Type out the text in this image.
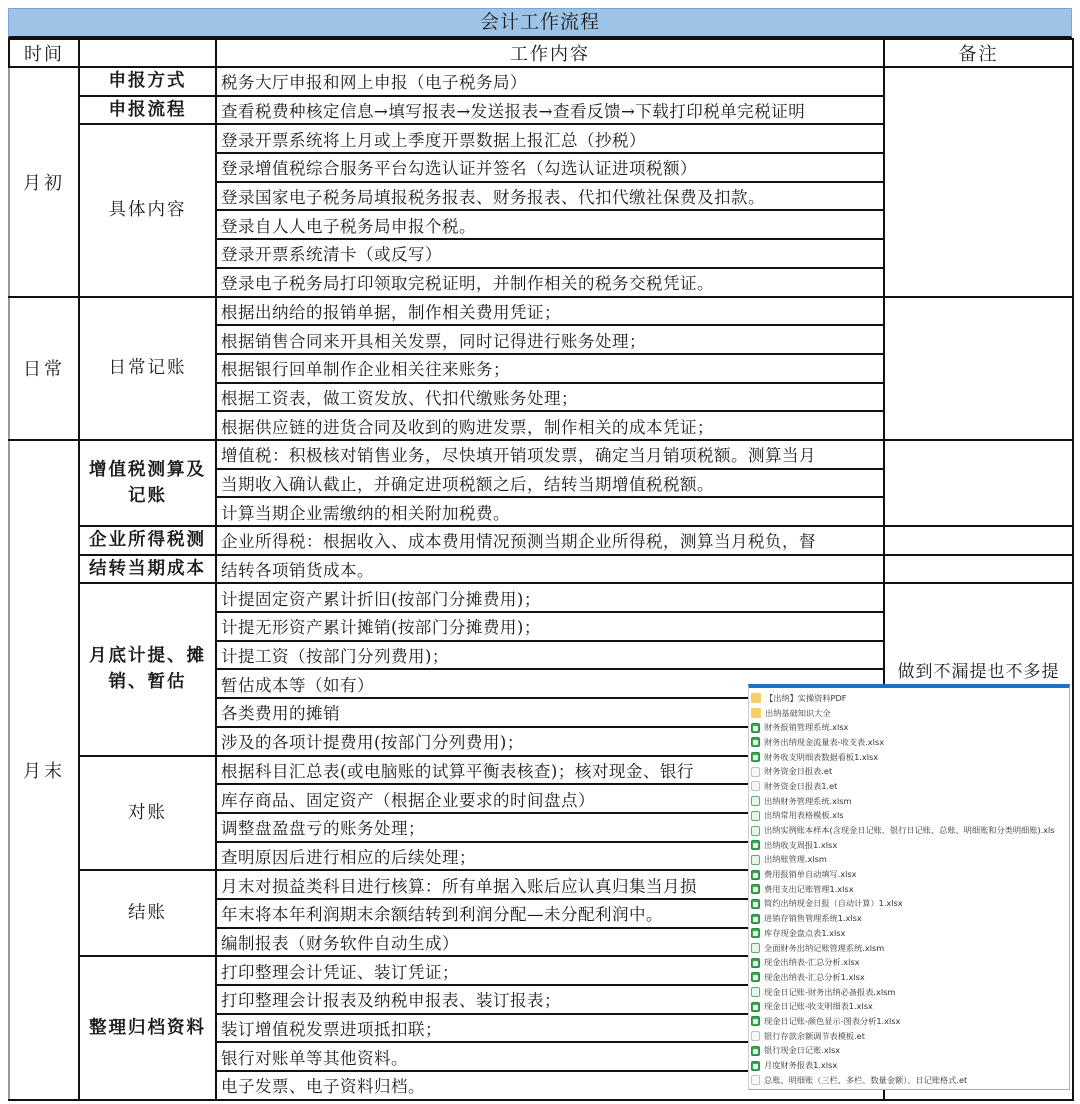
会计工作流程
时间		工作内容	备注
月初	申报方式	税务大厅申报和网上申报（电子税务局）	
	申报流程	查看税费种核定信息→填写报表→发送报表→查看反馈→下载打印税单完税证明	
	具体内容	登录开票系统将上月或上季度开票数据上报汇总（抄税）	
		登录增值税综合服务平台勾选认证并签名（勾选认证进项税额）	
		登录国家电子税务局填报税务报表、财务报表、代扣代缴社保费及扣款。	
		登录自人人电子税务局申报个税。	
		登录开票系统清卡（或反写）	
		登录电子税务局打印领取完税证明，并制作相关的税务交税凭证。	
日常	日常记账	根据出纳给的报销单据，制作相关费用凭证；	
		根据销售合同来开具相关发票，同时记得进行账务处理；	
		根据银行回单制作企业相关往来账务；	
		根据工资表，做工资发放、代扣代缴账务处理；	
		根据供应链的进货合同及收到的购进发票，制作相关的成本凭证；	
月末	增值税测算及记账	增值税：积极核对销售业务，尽快填开销项发票，确定当月销项税额。测算当月	
		当期收入确认截止，并确定进项税额之后，结转当期增值税税额。	
		计算当期企业需缴纳的相关附加税费。	
	企业所得税测	企业所得税：根据收入、成本费用情况预测当期企业所得税，测算当月税负，督	
	结转当期成本	结转各项销货成本。	
	月底计提、摊销、暂估	计提固定资产累计折旧(按部门分摊费用)；	做到不漏提也不多提
		计提无形资产累计摊销(按部门分摊费用)；	
		计提工资（按部门分列费用)；	
		暂估成本等（如有）	
		各类费用的摊销	
		涉及的各项计提费用(按部门分列费用)；	
	对账	根据科目汇总表(或电脑账的试算平衡表核查)；核对现金、银行	
		库存商品、固定资产（根据企业要求的时间盘点）	
		调整盘盈盘亏的账务处理；	
		查明原因后进行相应的后续处理；	
	结账	月末对损益类科目进行核算：所有单据入账后应认真归集当月损	
		年末将本年利润期末余额结转到利润分配—未分配利润中。	
		编制报表（财务软件自动生成）	
	整理归档资料	打印整理会计凭证、装订凭证；	
		打印整理会计报表及纳税申报表、装订报表；	
		装订增值税发票进项抵扣联；	
		银行对账单等其他资料。	
		电子发票、电子资料归档。	
【出纳】实操资料PDF
出纳基础知识大全
财务报销管理系统.xlsx
财务出纳现金流量表-收支表.xlsx
财务收支明细表数据看板1.xlsx
财务资金日报表.et
财务资金日报表1.et
出纳财务管理系统.xlsm
出纳常用表格模板.xls
出纳实例账本样本(含现金日记账、银行日记账、总账、明细账和分类明细账).xls
出纳收支周报1.xlsx
出纳账管理.xlsm
费用报销单自动填写.xlsx
费用支出记账管理1.xlsx
简约出纳现金日报（自动计算）1.xlsx
进销存销售管理系统1.xlsx
库存现金盘点表1.xlsx
全面财务出纳记账管理系统.xlsm
现金出纳表-汇总分析.xlsx
现金出纳表-汇总分析1.xlsx
现金日记账-财务出纳必备报表.xlsm
现金日记账-收支明细表1.xlsx
现金日记账-颜色显示-图表分析1.xlsx
银行存款余额调节表模板.et
银行现金日记账.xlsx
月度财务报表1.xlsx
总账、明细账（三栏、多栏、数量金额）、日记账格式.et
